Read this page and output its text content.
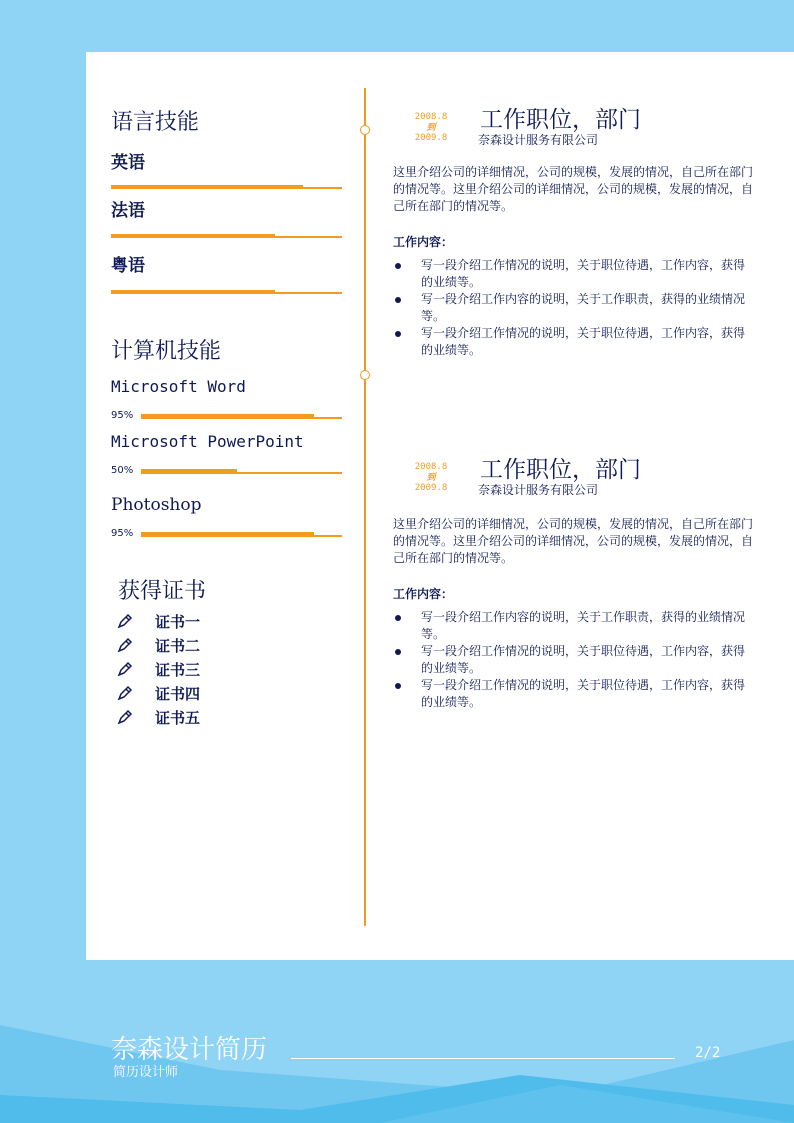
语言技能
英语
法语
粤语
计算机技能
Microsoft Word
95%
Microsoft PowerPoint
50%
Photoshop
95%
获得证书
证书一
证书二
证书三
证书四
证书五
2008.8
到
2009.8
工作职位，部门
奈森设计服务有限公司
这里介绍公司的详细情况，公司的规模，发展的情况，自己所在部门的情况等。这里介绍公司的详细情况，公司的规模，发展的情况，自己所在部门的情况等。
工作内容：
写一段介绍工作情况的说明，关于职位待遇，工作内容，获得的业绩等。
写一段介绍工作内容的说明，关于工作职责，获得的业绩情况等。
写一段介绍工作情况的说明，关于职位待遇，工作内容，获得的业绩等。
2008.8
到
2009.8
工作职位，部门
奈森设计服务有限公司
这里介绍公司的详细情况，公司的规模，发展的情况，自己所在部门的情况等。这里介绍公司的详细情况，公司的规模，发展的情况，自己所在部门的情况等。
工作内容：
写一段介绍工作内容的说明，关于工作职责，获得的业绩情况等。
写一段介绍工作情况的说明，关于职位待遇，工作内容，获得的业绩等。
写一段介绍工作情况的说明，关于职位待遇，工作内容，获得的业绩等。
奈森设计简历
简历设计师
2/2
